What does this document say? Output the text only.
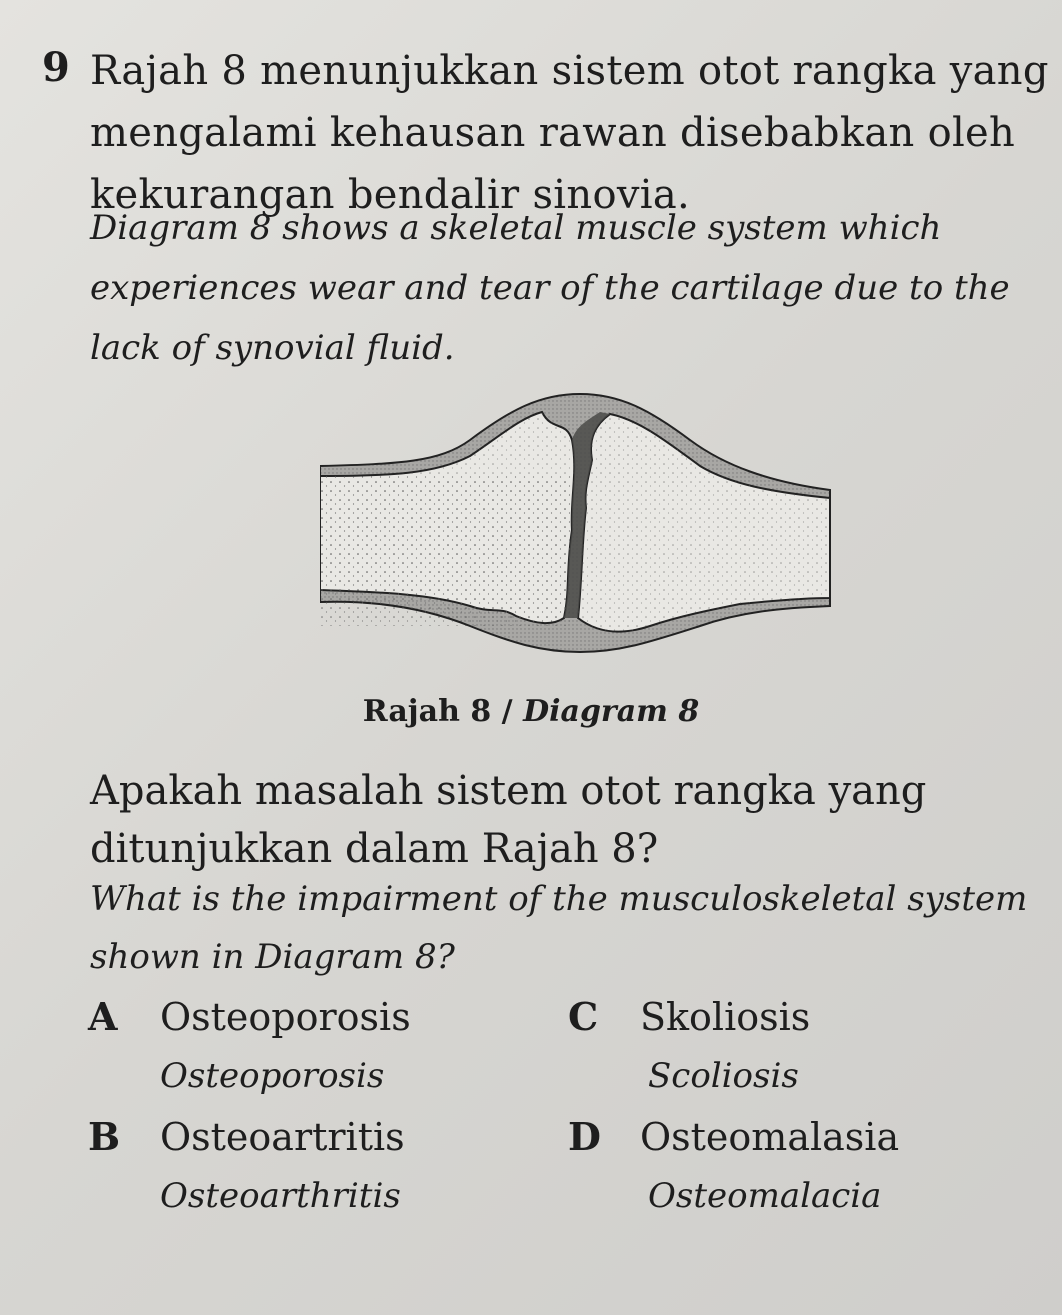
9 Rajah 8 menunjukkan sistem otot rangka yang mengalami kehausan rawan disebabkan oleh kekurangan bendalir sinovia.
Diagram 8 shows a skeletal muscle system which experiences wear and tear of the cartilage due to the lack of synovial fluid.
Rajah 8 / Diagram 8
Apakah masalah sistem otot rangka yang ditunjukkan dalam Rajah 8?
What is the impairment of the musculoskeletal system shown in Diagram 8?
A Osteoporosis
Osteoporosis
B Osteoartritis
Osteoarthritis
C Skoliosis
Scoliosis
D Osteomalasia
Osteomalacia
